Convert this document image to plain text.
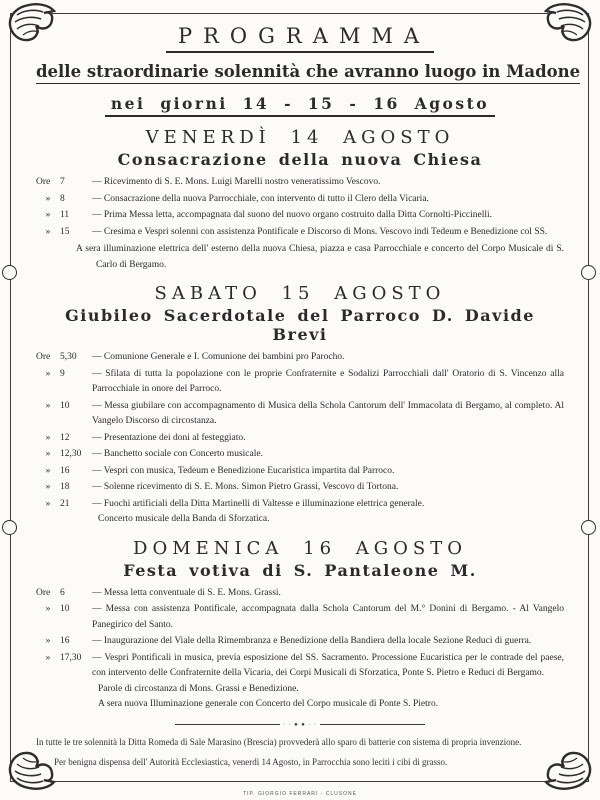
PROGRAMMA
delle straordinarie solennità che avranno luogo in Madone
nei giorni 14 - 15 - 16 Agosto
VENERDÌ 14 AGOSTO
Consacrazione della nuova Chiesa
Ore	7	— Ricevimento di S. E. Mons. Luigi Marelli nostro veneratissimo Vescovo.
»	8	— Consacrazione della nuova Parrocchiale, con intervento di tutto il Clero della Vicaria.
»	11	— Prima Messa letta, accompagnata dal suono del nuovo organo costruito dalla Ditta Cornolti-Piccinelli.
»	15	— Cresima e Vespri solenni con assistenza Pontificale e Discorso di Mons. Vescovo indi Tedeum e Benedizione col SS.

A sera illuminazione elettrica dell' esterno della nuova Chiesa, piazza e casa Parrocchiale e concerto del Corpo Musicale di S. Carlo di Bergamo.

SABATO 15 AGOSTO
Giubileo Sacerdotale del Parroco D. Davide Brevi
Ore	5,30	— Comunione Generale e I. Comunione dei bambini pro Parocho.
»	9	— Sfilata di tutta la popolazione con le proprie Confraternite e Sodalizi Parrocchiali dall' Oratorio di S. Vincenzo alla Parrocchiale in onore del Parroco.
»	10	— Messa giubilare con accompagnamento di Musica della Schola Cantorum dell' Immacolata di Bergamo, al completo. Al Vangelo Discorso di circostanza.
»	12	— Presentazione dei doni al festeggiato.
»	12,30	— Banchetto sociale con Concerto musicale.
»	16	— Vespri con musica, Tedeum e Benedizione Eucaristica impartita dal Parroco.
»	18	— Solenne ricevimento di S. E. Mons. Simon Pietro Grassi, Vescovo di Tortona.
»	21	— Fuochi artificiali della Ditta Martinelli di Valtesse e illuminazione elettrica generale.
Concerto musicale della Banda di Sforzatica.
DOMENICA 16 AGOSTO
Festa votiva di S. Pantaleone M.
Ore	6	— Messa letta conventuale di S. E. Mons. Grassi.
»	10	— Messa con assistenza Pontificale, accompagnata dalla Schola Cantorum del M.° Donini di Bergamo. - Al Vangelo Panegirico del Santo.
»	16	— Inaugurazione del Viale della Rimembranza e Benedizione della Bandiera della locale Sezione Reduci di guerra.
»	17,30	— Vespri Pontificali in musica, previa esposizione del SS. Sacramento. Processione Eucaristica per le contrade del paese, con intervento delle Confraternite della Vicaria, dei Corpi Musicali di Sforzatica, Ponte S. Pietro e Reduci di Bergamo.
Parole di circostanza di Mons. Grassi e Benedizione.
A sera nuova Illuminazione generale con Concerto del Corpo musicale di Ponte S. Pietro.
· · ● ● · ·

In tutte le tre solennità la Ditta Romeda di Sale Marasino (Brescia) provvederà allo sparo di batterie con sistema di propria invenzione.

Per benigna dispensa dell' Autorità Ecclesiastica, venerdì 14 Agosto, in Parrocchia sono leciti i cibi di grasso.

TIP. GIORGIO FERRARI - CLUSONE
